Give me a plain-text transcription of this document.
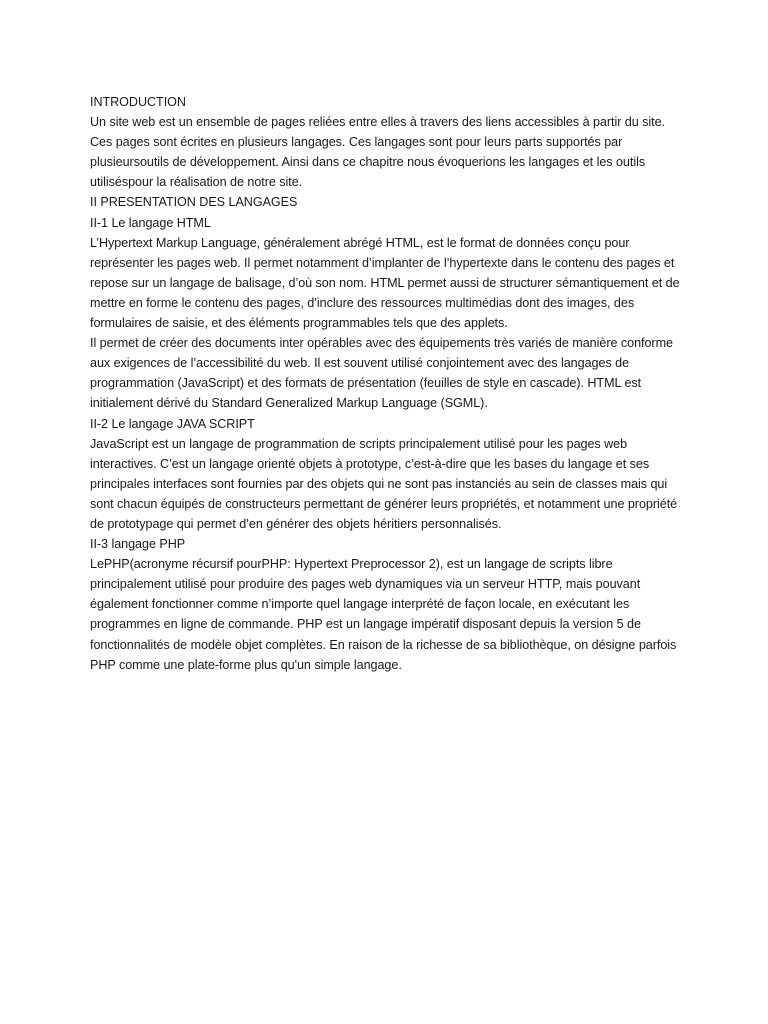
INTRODUCTION

Un site web est un ensemble de pages reliées entre elles à travers des liens accessibles à partir du site.

Ces pages sont écrites en plusieurs langages. Ces langages sont pour leurs parts supportés par plusieursoutils de développement. Ainsi dans ce chapitre nous évoquerions les langages et les outils utiliséspour la réalisation de notre site.

II PRESENTATION DES LANGAGES
II-1 Le langage HTML

L’Hypertext Markup Language, généralement abrégé HTML, est le format de données conçu pour représenter les pages web. Il permet notamment d’implanter de l’hypertexte dans le contenu des pages et repose sur un langage de balisage, d’où son nom. HTML permet aussi de structurer sémantiquement et de mettre en forme le contenu des pages, d’inclure des ressources multimédias dont des images, des formulaires de saisie, et des éléments programmables tels que des applets.

Il permet de créer des documents inter opérables avec des équipements très variés de manière conforme aux exigences de l’accessibilité du web. Il est souvent utilisé conjointement avec des langages de programmation (JavaScript) et des formats de présentation (feuilles de style en cascade). HTML est initialement dérivé du Standard Generalized Markup Language (SGML).

II-2 Le langage JAVA SCRIPT

JavaScript est un langage de programmation de scripts principalement utilisé pour les pages web interactives. C’est un langage orienté objets à prototype, c’est-à-dire que les bases du langage et ses principales interfaces sont fournies par des objets qui ne sont pas instanciés au sein de classes mais qui sont chacun équipés de constructeurs permettant de générer leurs propriétés, et notamment une propriété de prototypage qui permet d’en générer des objets héritiers personnalisés.

II-3 langage PHP

LePHP(acronyme récursif pourPHP: Hypertext Preprocessor 2), est un langage de scripts libre principalement utilisé pour produire des pages web dynamiques via un serveur HTTP, mais pouvant également fonctionner comme n’importe quel langage interprété de façon locale, en exécutant les programmes en ligne de commande. PHP est un langage impératif disposant depuis la version 5 de fonctionnalités de modèle objet complètes. En raison de la richesse de sa bibliothèque, on désigne parfois PHP comme une plate-forme plus qu'un simple langage.
